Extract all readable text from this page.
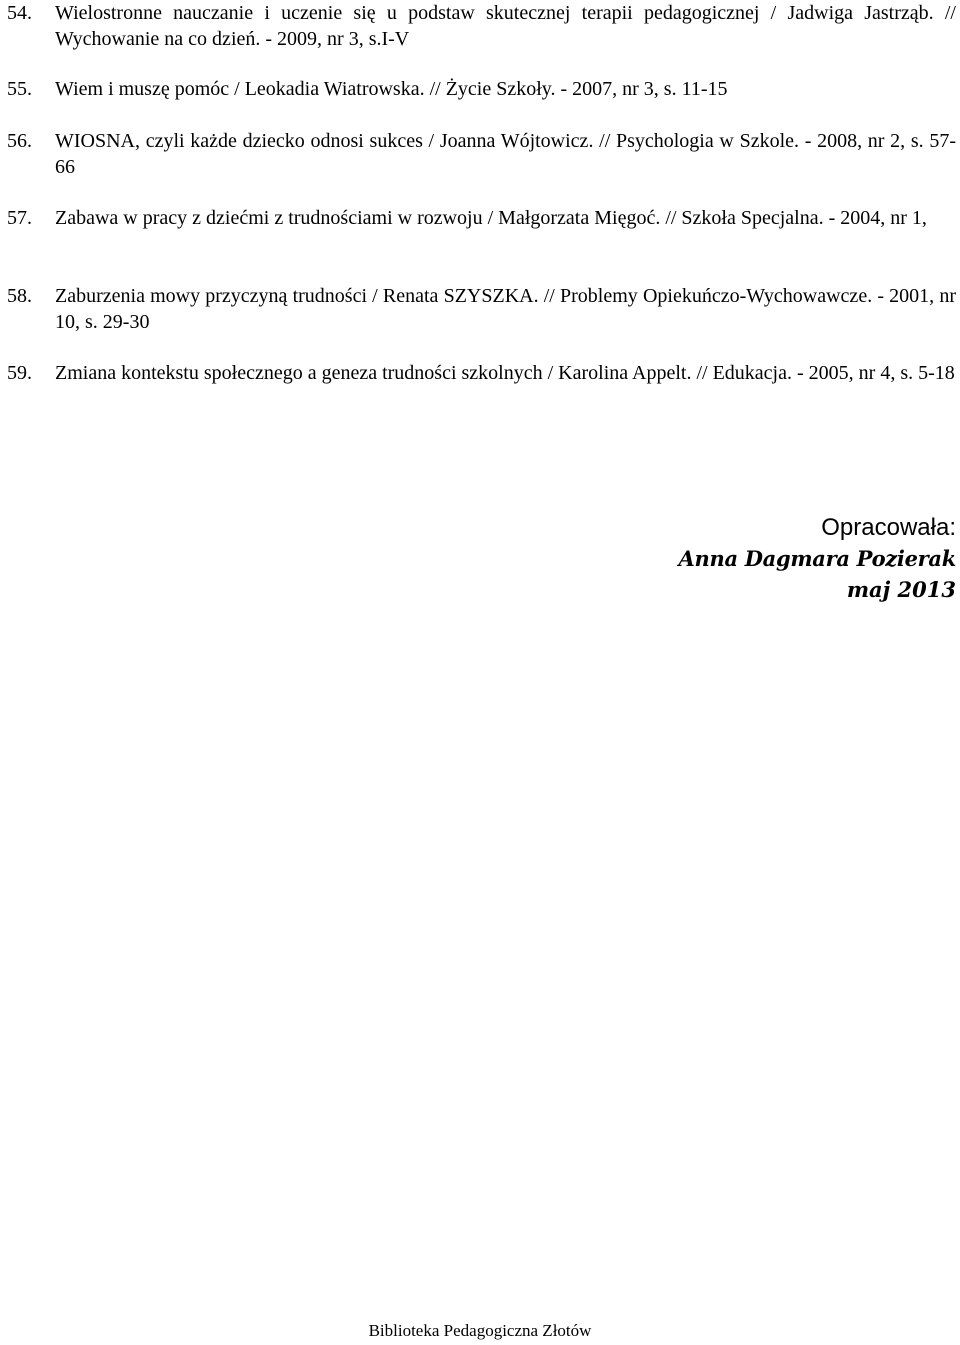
54. Wielostronne nauczanie i uczenie się u podstaw skutecznej terapii pedagogicznej / Jadwiga Jastrząb. // Wychowanie na co dzień. - 2009, nr 3, s.I-V
55. Wiem i muszę pomóc / Leokadia Wiatrowska. // Życie Szkoły. - 2007, nr 3, s. 11-15
56. WIOSNA, czyli każde dziecko odnosi sukces / Joanna Wójtowicz. // Psychologia w Szkole. - 2008, nr 2, s. 57-66
57. Zabawa w pracy z dziećmi z trudnościami w rozwoju / Małgorzata Mięgoć. // Szkoła Specjalna. - 2004, nr 1,
58. Zaburzenia mowy przyczyną trudności / Renata SZYSZKA. // Problemy Opiekuńczo-Wychowawcze. - 2001, nr 10, s. 29-30
59. Zmiana kontekstu społecznego a geneza trudności szkolnych / Karolina Appelt. // Edukacja. - 2005, nr 4, s. 5-18
Opracowała:
Anna Dagmara Pozierak
maj 2013
Biblioteka Pedagogiczna Złotów
